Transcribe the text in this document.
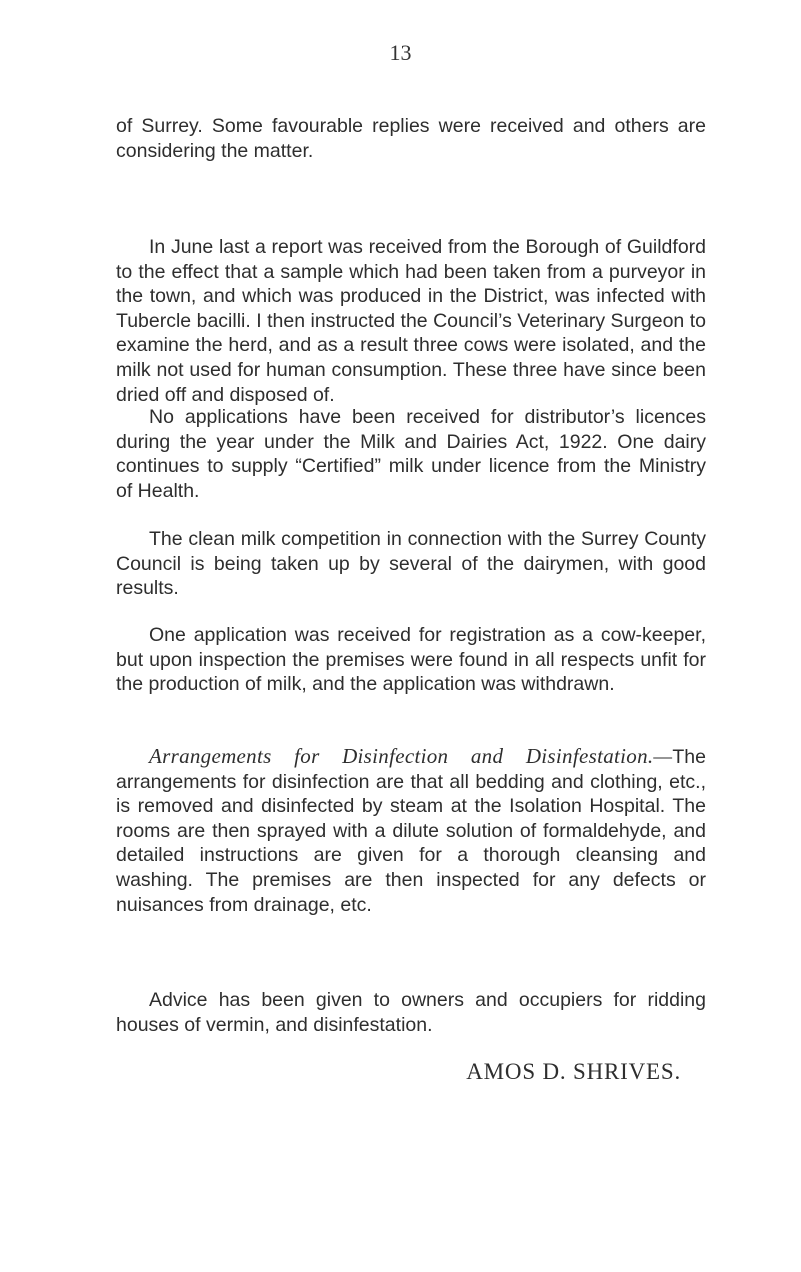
13

of Surrey. Some favourable replies were received and others are considering the matter.

In June last a report was received from the Borough of Guildford to the effect that a sample which had been taken from a purveyor in the town, and which was produced in the District, was infected with Tubercle bacilli. I then instructed the Council’s Veterinary Surgeon to examine the herd, and as a result three cows were isolated, and the milk not used for human consumption. These three have since been dried off and disposed of.

No applications have been received for distributor’s licences during the year under the Milk and Dairies Act, 1922. One dairy continues to supply “Certified” milk under licence from the Ministry of Health.

The clean milk competition in connection with the Surrey County Council is being taken up by several of the dairymen, with good results.

One application was received for registration as a cow-keeper, but upon inspection the premises were found in all respects unfit for the production of milk, and the application was withdrawn.

Arrangements for Disinfection and Disinfestation.—The arrangements for disinfection are that all bedding and clothing, etc., is removed and disinfected by steam at the Isolation Hospital. The rooms are then sprayed with a dilute solution of formaldehyde, and detailed instructions are given for a thorough cleansing and washing. The premises are then inspected for any defects or nuisances from drainage, etc.

Advice has been given to owners and occupiers for ridding houses of vermin, and disinfestation.

AMOS D. SHRIVES.
